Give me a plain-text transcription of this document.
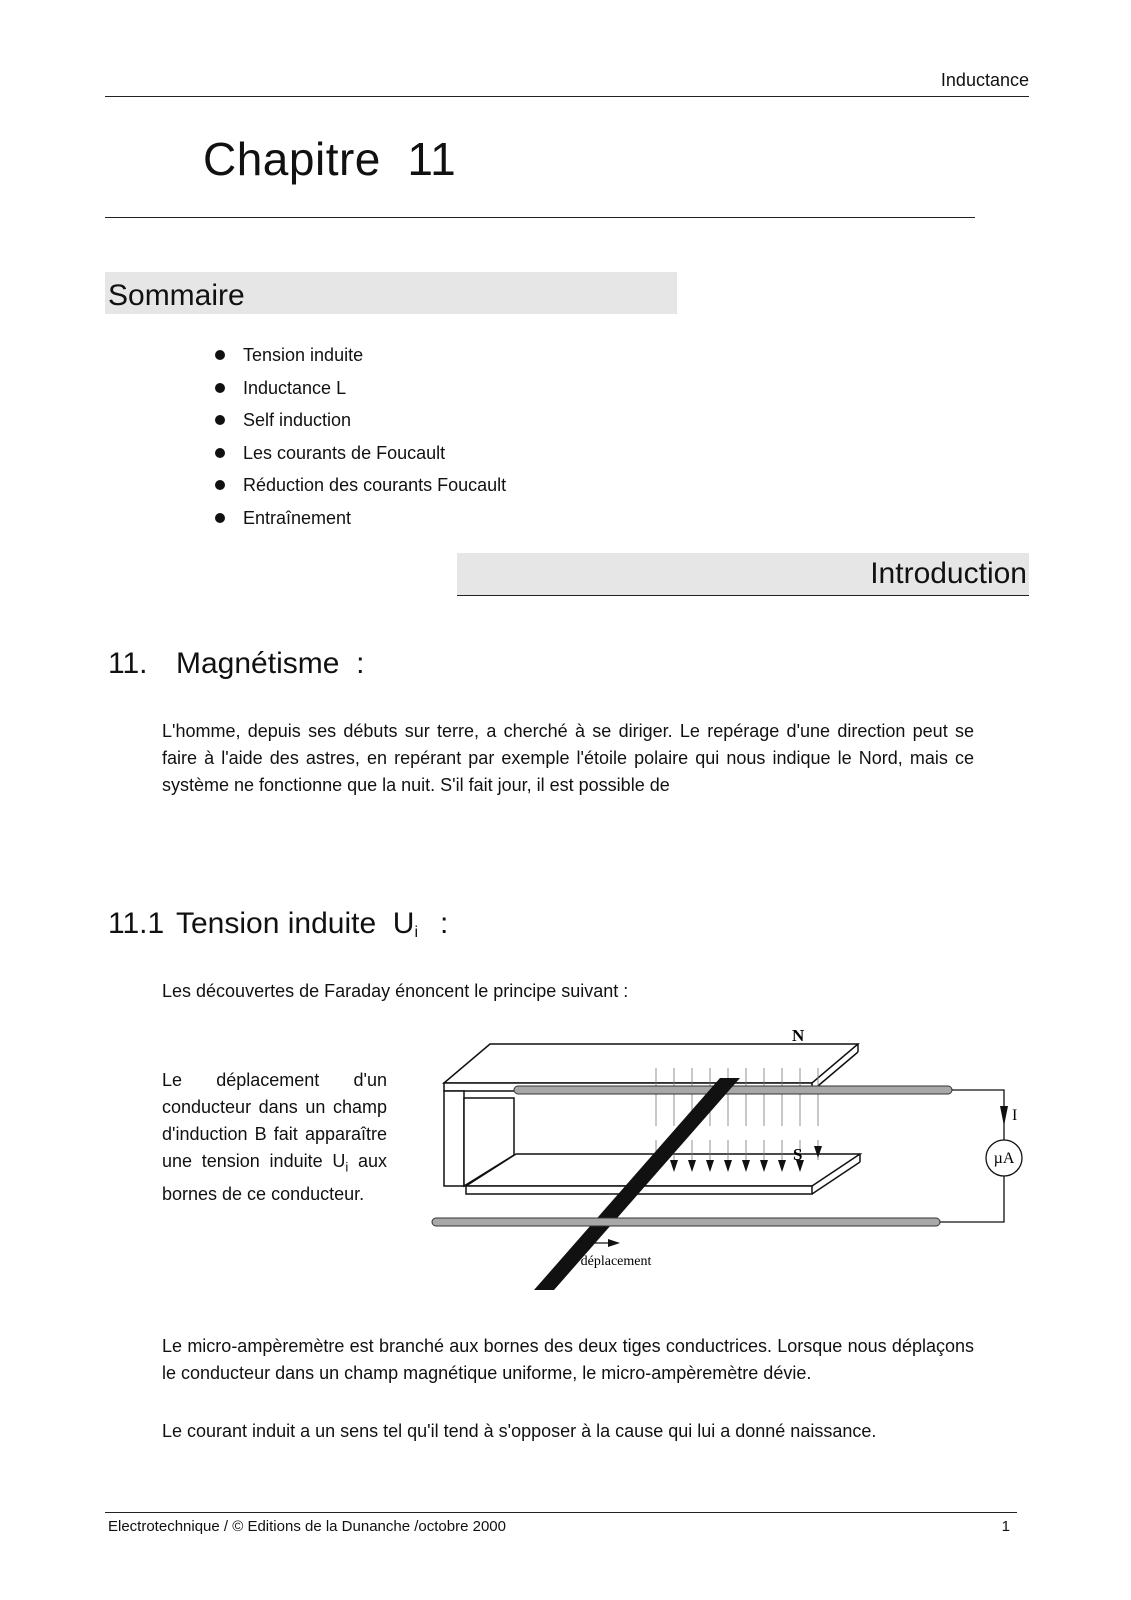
Inductance
Chapitre  11
Sommaire
Tension induite
Inductance L
Self induction
Les courants de Foucault
Réduction des courants Foucault
Entraînement
Introduction
11. Magnétisme  :
L'homme, depuis ses débuts sur terre, a cherché à se diriger. Le repérage d'une direction peut se faire à l'aide des astres, en repérant par exemple l'étoile polaire qui nous indique le Nord, mais ce système ne fonctionne que la nuit. S'il fait jour, il est possible de
11.1 Tension induite  Ui :
Les découvertes de Faraday énoncent le principe suivant :
Le déplacement d'un conducteur dans un champ d'induction B fait apparaître une tension induite $U_i$ aux bornes de ce conducteur.
µA
I
N
S
déplacement
Le micro-ampèremètre est branché aux bornes des deux tiges conductrices. Lorsque nous déplaçons le conducteur dans un champ magnétique uniforme, le micro-ampèremètre dévie.
Le courant induit a un sens tel qu'il tend à s'opposer à la cause qui lui a donné naissance.
Electrotechnique / © Editions de la Dunanche /octobre 2000	1
